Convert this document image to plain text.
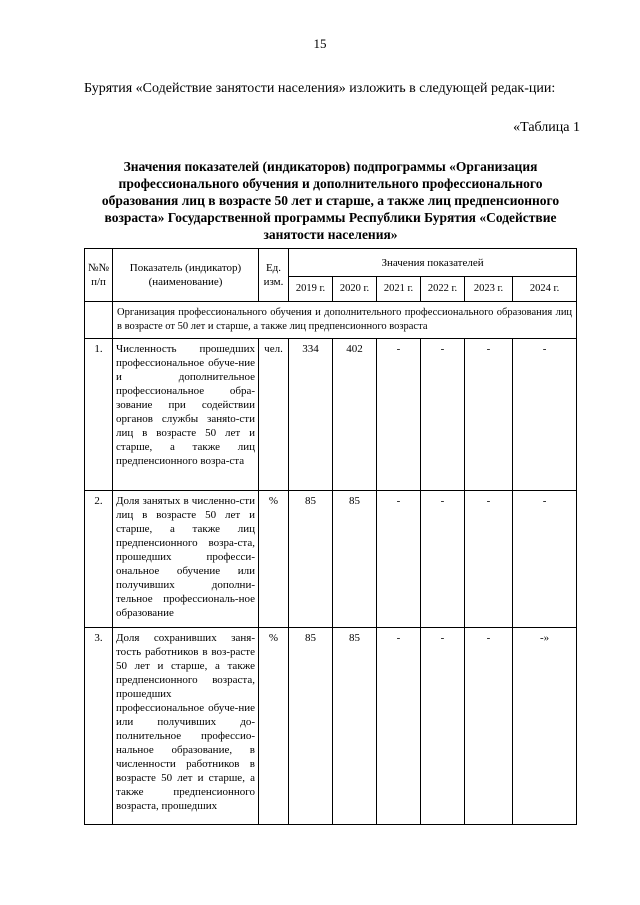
15
Бурятия «Содействие занятости населения» изложить в следующей редак-ции:
«Таблица 1
Значения показателей (индикаторов) подпрограммы «Организация профессионального обучения и дополнительного профессионального образования лиц в возрасте 50 лет и старше, а также лиц предпенсионного возраста» Государственной программы Республики Бурятия «Содействие занятости населения»
№№ п/п	Показатель (индикатор) (наименование)	Ед. изм.	Значения показателей					
			2019 г.	2020 г.	2021 г.	2022 г.	2023 г.	2024 г.
	Организация профессионального обучения и дополнительного профессионального образования лиц в возрасте от 50 лет и старше, а также лиц предпенсионного возраста							
1.	Численность прошедших профессиональное обуче-ние и дополнительное профессиональное обра-зование при содействии органов службы заняtо-сти лиц в возрасте 50 лет и старше, а также лиц предпенсионного возра-ста	чел.	334	402	-	-	-	-
2.	Доля занятых в численно-сти лиц в возрасте 50 лет и старше, а также лиц предпенсионного возра-ста, прошедших професси-ональное обучение или получивших дополни-тельное профессиональ-ное образование	%	85	85	-	-	-	-
3.	Доля сохранивших заня-тость работников в воз-расте 50 лет и старше, а также предпенсионного возраста, прошедших профессиональное обуче-ние или получивших до-полнительное профессио-нальное образование, в численности работников в возрасте 50 лет и старше, а также предпенсионного возраста, прошедших	%	85	85	-	-	-	-»
